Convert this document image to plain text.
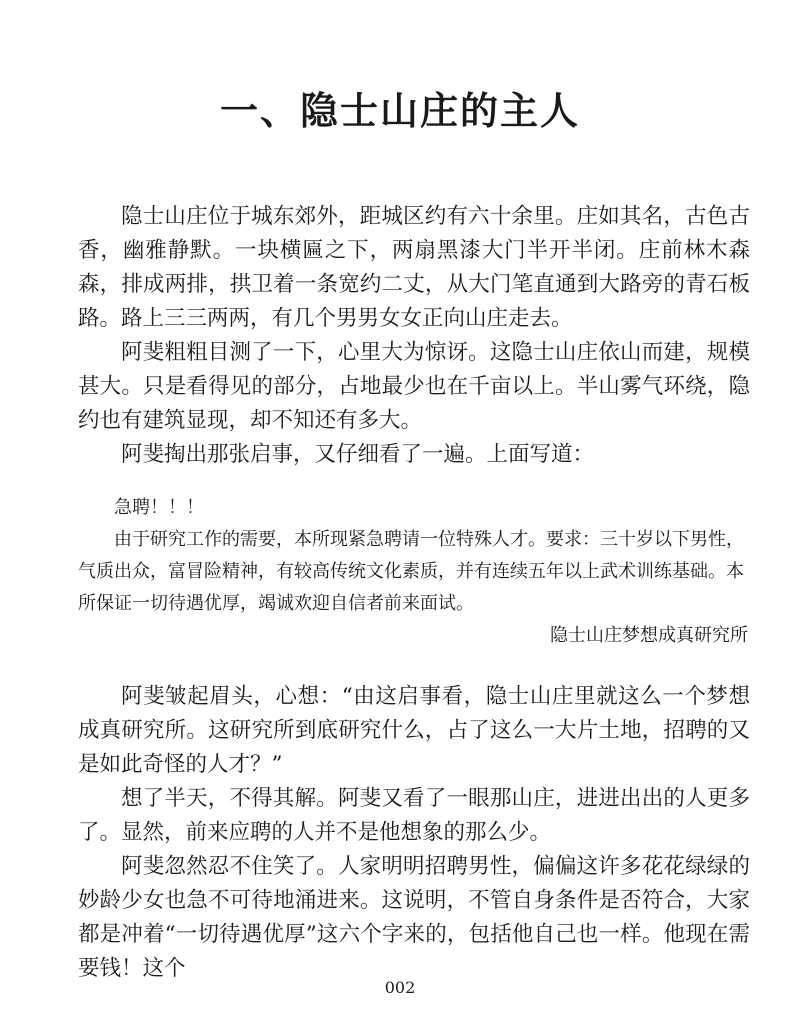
一、隐士山庄的主人

隐士山庄位于城东郊外，距城区约有六十余里。庄如其名，古色古香，幽雅静默。一块横匾之下，两扇黑漆大门半开半闭。庄前林木森森，排成两排，拱卫着一条宽约二丈，从大门笔直通到大路旁的青石板路。路上三三两两，有几个男男女女正向山庄走去。

阿斐粗粗目测了一下，心里大为惊讶。这隐士山庄依山而建，规模甚大。只是看得见的部分，占地最少也在千亩以上。半山雾气环绕，隐约也有建筑显现，却不知还有多大。

阿斐掏出那张启事，又仔细看了一遍。上面写道：

急聘！！！

由于研究工作的需要，本所现紧急聘请一位特殊人才。要求：三十岁以下男性，气质出众，富冒险精神，有较高传统文化素质，并有连续五年以上武术训练基础。本所保证一切待遇优厚，竭诚欢迎自信者前来面试。

隐士山庄梦想成真研究所

阿斐皱起眉头，心想：“由这启事看，隐士山庄里就这么一个梦想成真研究所。这研究所到底研究什么，占了这么一大片土地，招聘的又是如此奇怪的人才？”

想了半天，不得其解。阿斐又看了一眼那山庄，进进出出的人更多了。显然，前来应聘的人并不是他想象的那么少。

阿斐忽然忍不住笑了。人家明明招聘男性，偏偏这许多花花绿绿的妙龄少女也急不可待地涌进来。这说明，不管自身条件是否符合，大家都是冲着“一切待遇优厚”这六个字来的，包括他自己也一样。他现在需要钱！这个

002
